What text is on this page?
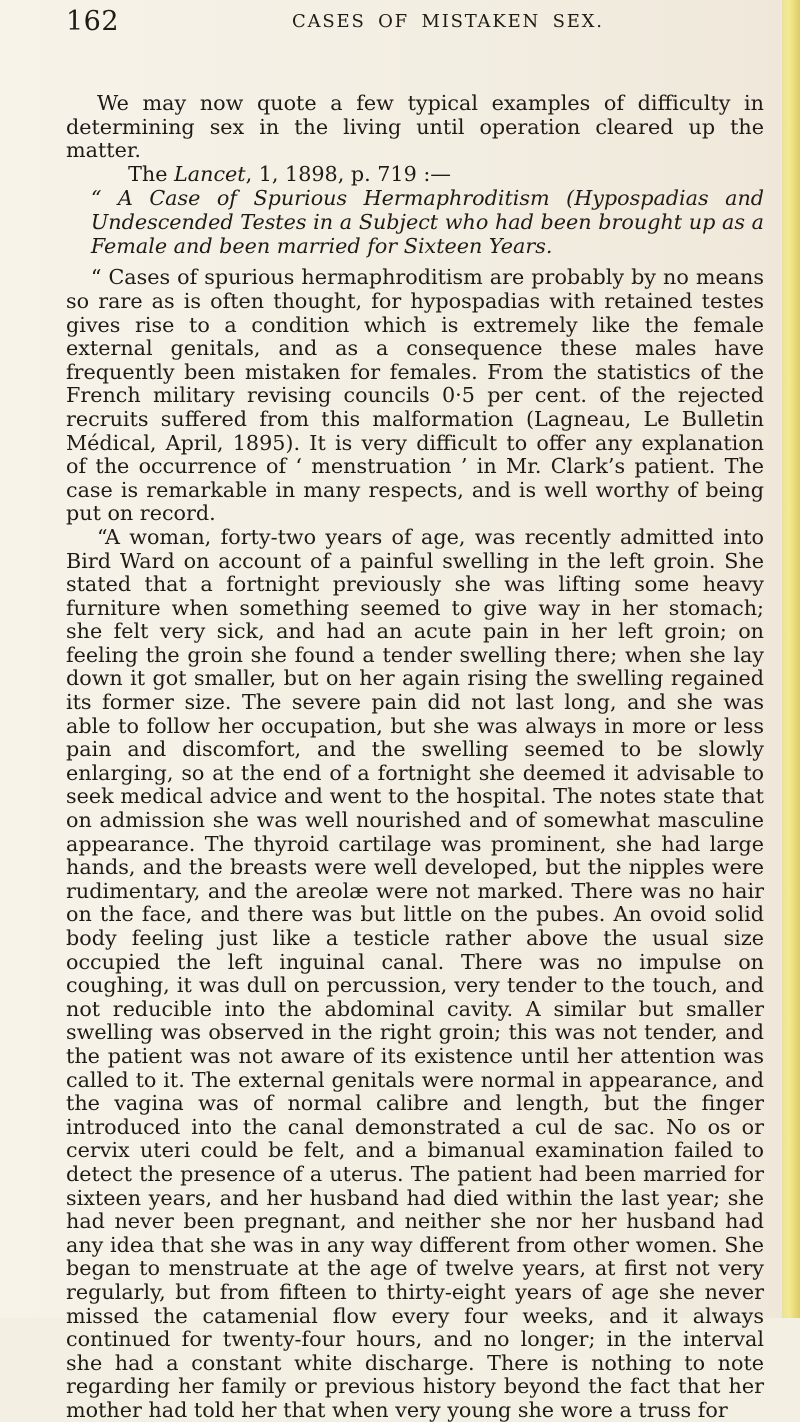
162	CASES OF MISTAKEN SEX.

We may now quote a few typical examples of difficulty in determining sex in the living until operation cleared up the matter.

The Lancet, 1, 1898, p. 719 :—

“ A Case of Spurious Hermaphroditism (Hypospadias and Undescended Testes in a Subject who had been brought up as a Female and been married for Sixteen Years.

“ Cases of spurious hermaphroditism are probably by no means so rare as is often thought, for hypospadias with retained testes gives rise to a condition which is extremely like the female external genitals, and as a consequence these males have frequently been mistaken for females. From the statistics of the French military revising councils 0·5 per cent. of the rejected recruits suffered from this malformation (Lagneau, Le Bulletin Médical, April, 1895). It is very difficult to offer any explanation of the occurrence of ‘ menstruation ’ in Mr. Clark’s patient. The case is remarkable in many respects, and is well worthy of being put on record.

“A woman, forty-two years of age, was recently admitted into Bird Ward on account of a painful swelling in the left groin. She stated that a fortnight previously she was lifting some heavy furniture when something seemed to give way in her stomach; she felt very sick, and had an acute pain in her left groin; on feeling the groin she found a tender swelling there; when she lay down it got smaller, but on her again rising the swelling regained its former size. The severe pain did not last long, and she was able to follow her occupation, but she was always in more or less pain and discomfort, and the swelling seemed to be slowly enlarging, so at the end of a fortnight she deemed it advisable to seek medical advice and went to the hospital. The notes state that on admission she was well nourished and of somewhat masculine appearance. The thyroid cartilage was prominent, she had large hands, and the breasts were well developed, but the nipples were rudimentary, and the areolæ were not marked. There was no hair on the face, and there was but little on the pubes. An ovoid solid body feeling just like a testicle rather above the usual size occupied the left inguinal canal. There was no impulse on coughing, it was dull on percussion, very tender to the touch, and not reducible into the abdominal cavity. A similar but smaller swelling was observed in the right groin; this was not tender, and the patient was not aware of its existence until her attention was called to it. The external genitals were normal in appearance, and the vagina was of normal calibre and length, but the finger introduced into the canal demonstrated a cul de sac. No os or cervix uteri could be felt, and a bimanual examination failed to detect the presence of a uterus. The patient had been married for sixteen years, and her husband had died within the last year; she had never been pregnant, and neither she nor her husband had any idea that she was in any way different from other women. She began to menstruate at the age of twelve years, at first not very regularly, but from fifteen to thirty-eight years of age she never missed the catamenial flow every four weeks, and it always continued for twenty-four hours, and no longer; in the interval she had a constant white discharge. There is nothing to note regarding her family or previous history beyond the fact that her mother had told her that when very young she wore a truss for
